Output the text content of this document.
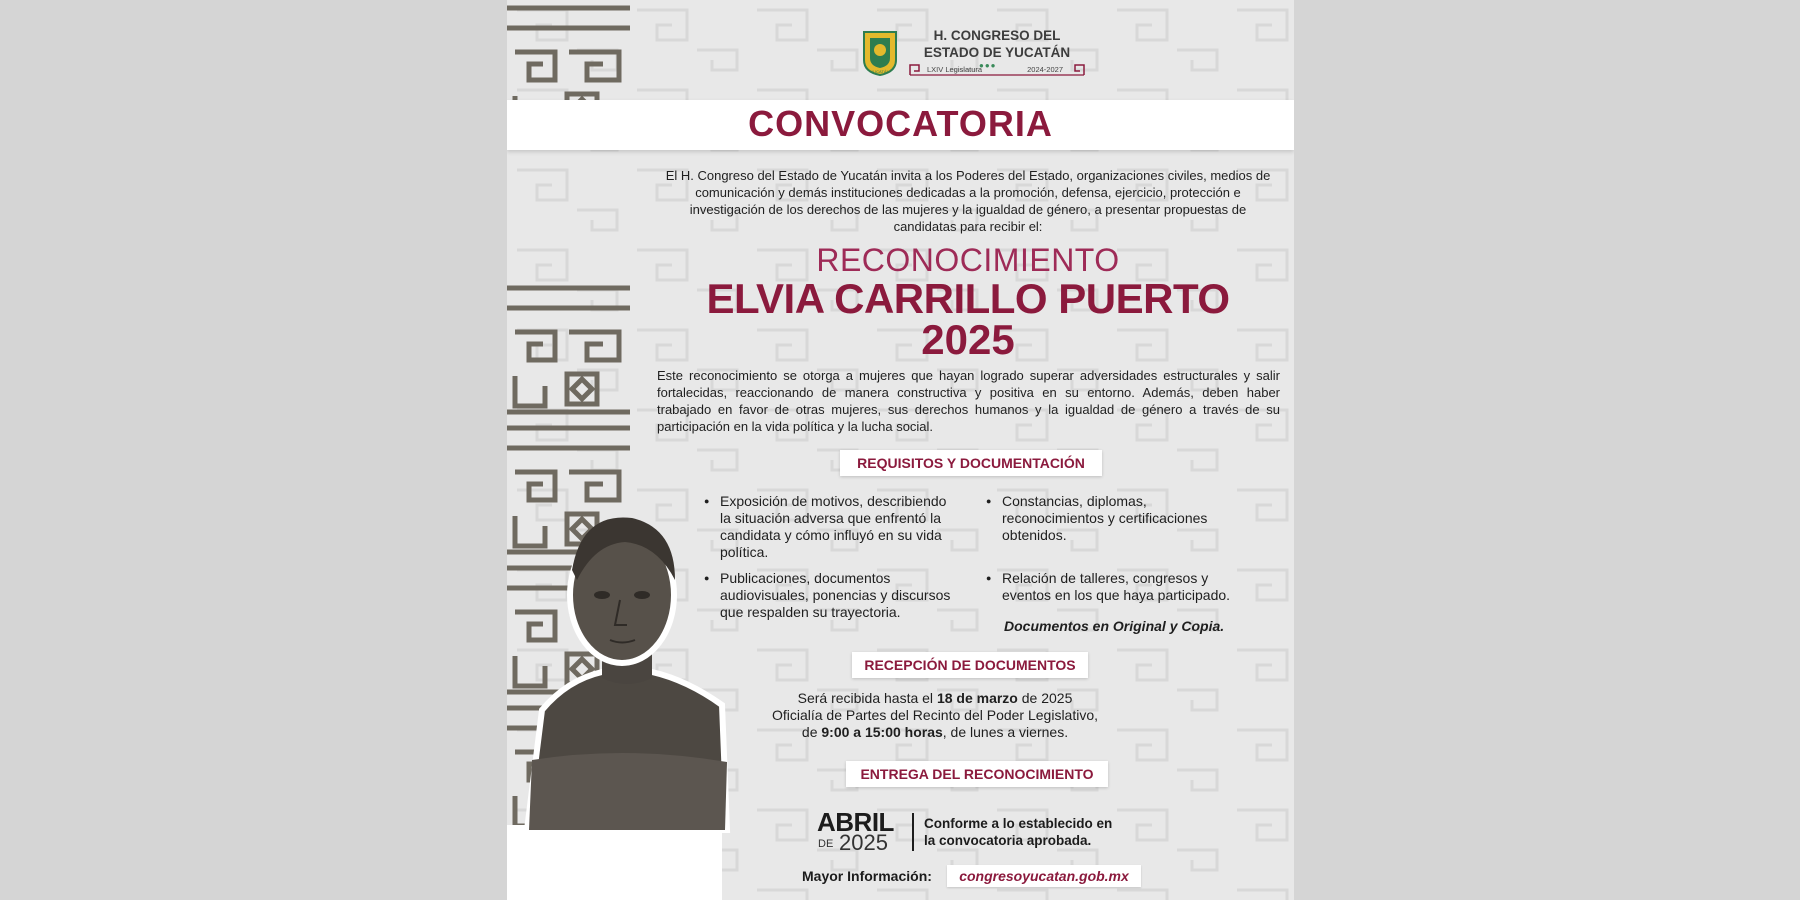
YUCATÁN
H. CONGRESO DEL
ESTADO DE YUCATÁN
LXIV Legislatura
●●●	2024-2027
CONVOCATORIA
El H. Congreso del Estado de Yucatán invita a los Poderes del Estado, organizaciones civiles, medios de comunicación y demás instituciones dedicadas a la promoción, defensa, ejercicio, protección e investigación de los derechos de las mujeres y la igualdad de género, a presentar propuestas de candidatas para recibir el:
RECONOCIMIENTO
ELVIA CARRILLO PUERTO
2025
Este reconocimiento se otorga a mujeres que hayan logrado superar adversidades estructurales y salir fortalecidas, reaccionando de manera constructiva y positiva en su entorno. Además, deben haber trabajado en favor de otras mujeres, sus derechos humanos y la igualdad de género a través de su participación en la vida política y la lucha social.
REQUISITOS Y DOCUMENTACIÓN
● Exposición de motivos, describiendo la situación adversa que enfrentó la candidata y cómo influyó en su vida política.
● Publicaciones, documentos audiovisuales, ponencias y discursos que respalden su trayectoria.
● Constancias, diplomas, reconocimientos y certificaciones obtenidos.
● Relación de talleres, congresos y eventos en los que haya participado.
Documentos en Original y Copia.
RECEPCIÓN DE DOCUMENTOS
Será recibida hasta el 18 de marzo de 2025
Oficialía de Partes del Recinto del Poder Legislativo,
de 9:00 a 15:00 horas, de lunes a viernes.
ENTREGA DEL RECONOCIMIENTO
ABRIL
DE 2025
Conforme a lo establecido en
la convocatoria aprobada.
Mayor Información:	congresoyucatan.gob.mx
